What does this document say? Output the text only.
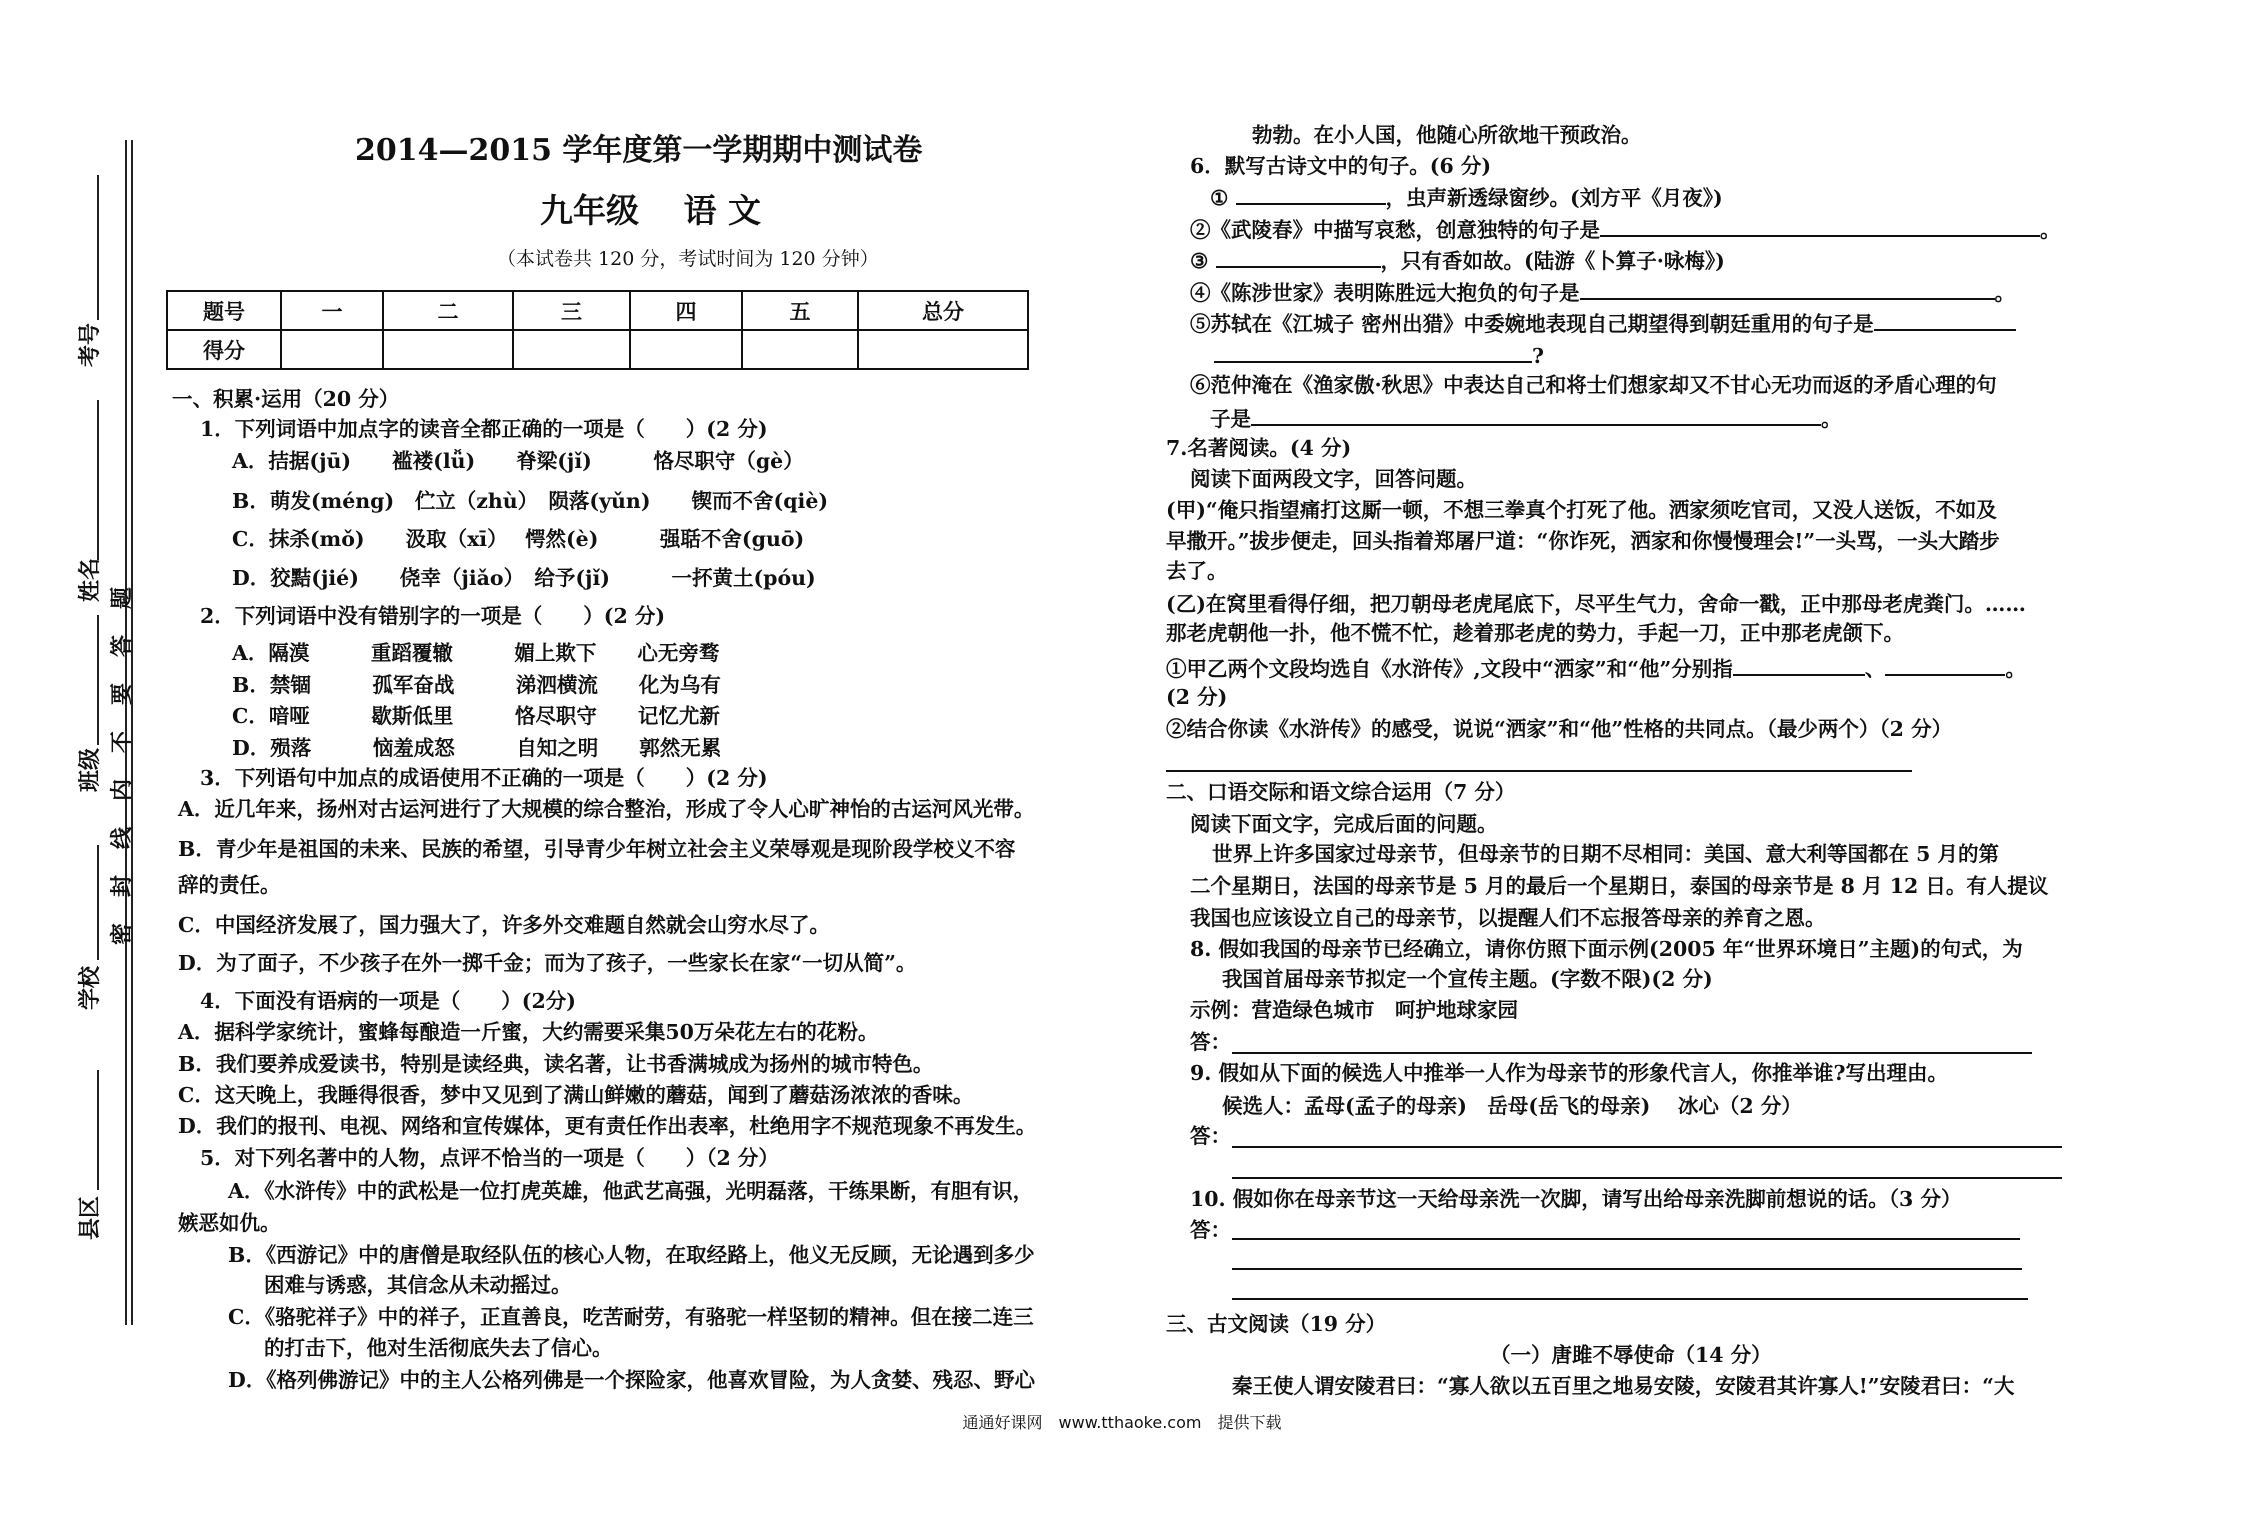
考号
姓名
班级
学校
县区
密　封　线　内　不　要　答　题
2014—2015 学年度第一学期期中测试卷
九年级　 语 文
（本试卷共 120 分，考试时间为 120 分钟）
题号	一	二	三	四	五	总分
得分						
一、积累·运用（20 分）
1．下列词语中加点字的读音全都正确的一项是（　　）(2 分)
A．拮据(jū)　　褴褛(lǚ)　　脊梁(jǐ)　　　恪尽职守（gè）
B．萌发(méng)　伫立（zhù）　陨落(yǔn)　　锲而不舍(qiè)
C．抹杀(mǒ)　　汲取（xī）　 愕然(è)　　　强聒不舍(guō)
D．狡黠(jié)　　侥幸（jiǎo）　给予(jǐ)　　　一抔黄土(póu)
2．下列词语中没有错别字的一项是（　　）(2 分)
A．隔漠　　　重蹈覆辙　　　媚上欺下　　心无旁骛
B．禁锢　　　孤军奋战　　　涕泗横流　　化为乌有
C．喑哑　　　歇斯低里　　　恪尽职守　　记忆尤新
D．殒落　　　恼羞成怒　　　自知之明　　郭然无累
3．下列语句中加点的成语使用不正确的一项是（　　）(2 分)
A．近几年来，扬州对古运河进行了大规模的综合整治，形成了令人心旷神怡的古运河风光带。
B．青少年是祖国的未来、民族的希望，引导青少年树立社会主义荣辱观是现阶段学校义不容
辞的责任。
C．中国经济发展了，国力强大了，许多外交难题自然就会山穷水尽了。
D．为了面子，不少孩子在外一掷千金；而为了孩子，一些家长在家“一切从简”。
4．下面没有语病的一项是（　　）(2分)
A．据科学家统计，蜜蜂每酿造一斤蜜，大约需要采集50万朵花左右的花粉。
B．我们要养成爱读书，特别是读经典，读名著，让书香满城成为扬州的城市特色。
C．这天晚上，我睡得很香，梦中又见到了满山鲜嫩的蘑菇，闻到了蘑菇汤浓浓的香味。
D．我们的报刊、电视、网络和宣传媒体，更有责任作出表率，杜绝用字不规范现象不再发生。
5．对下列名著中的人物，点评不恰当的一项是（　　）（2 分）
A．《水浒传》中的武松是一位打虎英雄，他武艺高强，光明磊落，干练果断，有胆有识，
嫉恶如仇。
B．《西游记》中的唐僧是取经队伍的核心人物，在取经路上，他义无反顾，无论遇到多少
困难与诱惑，其信念从未动摇过。
C．《骆驼祥子》中的祥子，正直善良，吃苦耐劳，有骆驼一样坚韧的精神。但在接二连三
的打击下，他对生活彻底失去了信心。
D．《格列佛游记》中的主人公格列佛是一个探险家，他喜欢冒险，为人贪婪、残忍、野心
勃勃。在小人国，他随心所欲地干预政治。
6．默写古诗文中的句子。(6 分)
①	，虫声新透绿窗纱。(刘方平《月夜》)
②《武陵春》中描写哀愁，创意独特的句子是	。
③	，只有香如故。(陆游《卜算子·咏梅》)
④《陈涉世家》表明陈胜远大抱负的句子是	。
⑤苏轼在《江城子 密州出猎》中委婉地表现自己期望得到朝廷重用的句子是
?
⑥范仲淹在《渔家傲·秋思》中表达自己和将士们想家却又不甘心无功而返的矛盾心理的句
子是	。
7.名著阅读。(4 分)
阅读下面两段文字，回答问题。
(甲)“俺只指望痛打这厮一顿，不想三拳真个打死了他。洒家须吃官司，又没人送饭，不如及
早撒开。”拔步便走，回头指着郑屠尸道：“你诈死，洒家和你慢慢理会!”一头骂，一头大踏步
去了。
(乙)在窝里看得仔细，把刀朝母老虎尾底下，尽平生气力，舍命一戳，正中那母老虎粪门。……
那老虎朝他一扑，他不慌不忙，趁着那老虎的势力，手起一刀，正中那老虎颌下。
①甲乙两个文段均选自《水浒传》,文段中“洒家”和“他”分别指	、	。
(2 分)
②结合你读《水浒传》的感受，说说“洒家”和“他”性格的共同点。（最少两个）（2 分）
二、口语交际和语文综合运用（7 分）
阅读下面文字，完成后面的问题。
世界上许多国家过母亲节，但母亲节的日期不尽相同：美国、意大利等国都在 5 月的第
二个星期日，法国的母亲节是 5 月的最后一个星期日，泰国的母亲节是 8 月 12 日。有人提议
我国也应该设立自己的母亲节，以提醒人们不忘报答母亲的养育之恩。
8. 假如我国的母亲节已经确立，请你仿照下面示例(2005 年“世界环境日”主题)的句式，为
我国首届母亲节拟定一个宣传主题。(字数不限)(2 分)
示例：营造绿色城市　呵护地球家园
答：
9. 假如从下面的候选人中推举一人作为母亲节的形象代言人，你推举谁?写出理由。
候选人：孟母(孟子的母亲)　岳母(岳飞的母亲)　 冰心（2 分）
答：
10. 假如你在母亲节这一天给母亲洗一次脚，请写出给母亲洗脚前想说的话。（3 分）
答：
三、古文阅读（19 分）
（一）唐雎不辱使命（14 分）
秦王使人谓安陵君曰：“寡人欲以五百里之地易安陵，安陵君其许寡人!”安陵君曰：“大
通通好课网　www.tthaoke.com　提供下载
